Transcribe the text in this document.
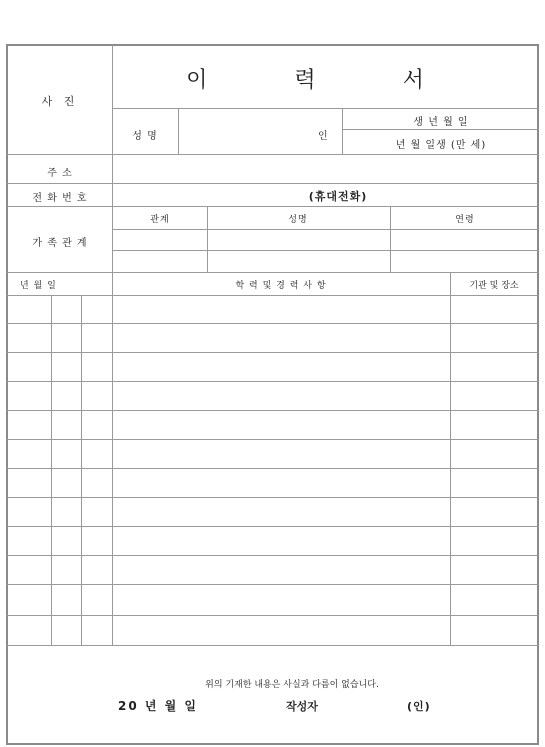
사 진
이 력 서
성 명	인
생 년 월 일
년 월 일생 (만 세)
주 소
전 화 번 호	(휴대전화)
가 족 관 계
관계	성명	연령
년 월 일	학 력 및 경 력 사 항	기관 및 장소
위의 기재한 내용은 사실과 다름이 없습니다.
20 년 월 일	작성자	(인)
